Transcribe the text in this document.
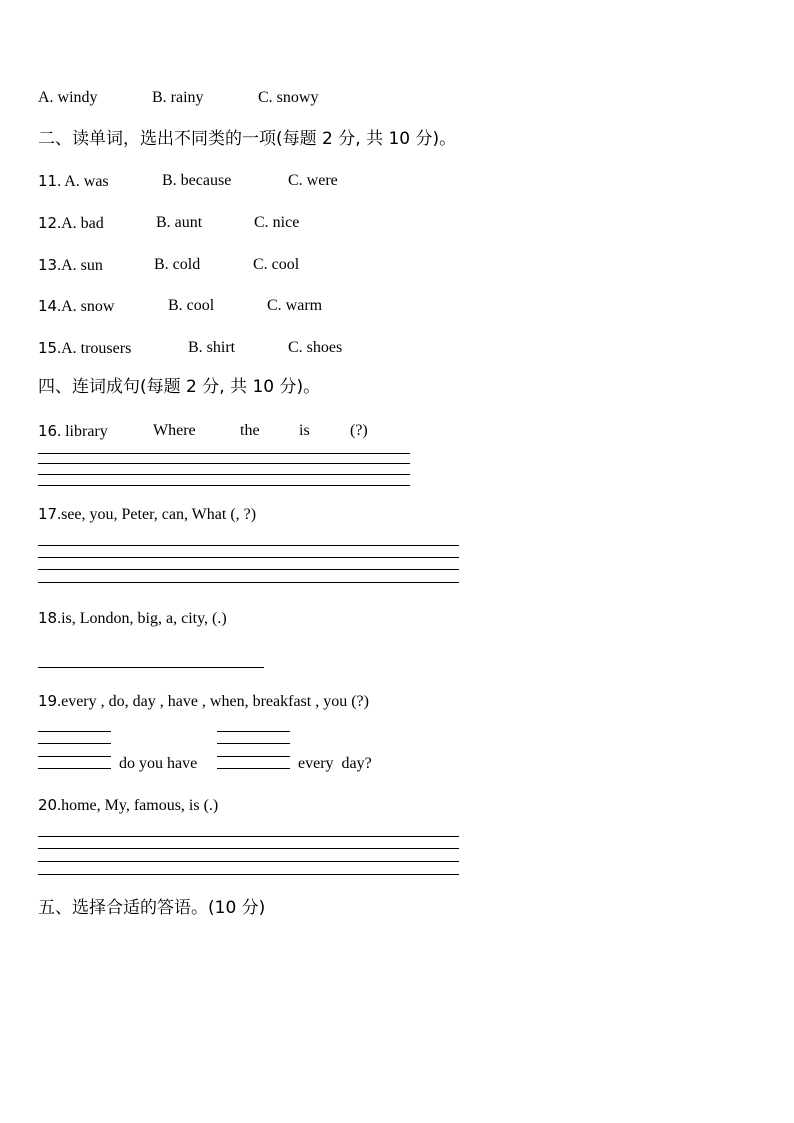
A. windy	B. rainy	C. snowy
二、读单词，选出不同类的一项(每题 2 分, 共 10 分)。
11. A. was	B. because	C. were
12.A. bad	B. aunt	C. nice
13.A. sun	B. cold	C. cool
14.A. snow	B. cool	C. warm
15.A. trousers	B. shirt	C. shoes
四、连词成句(每题 2 分, 共 10 分)。
16. library	Where	the is	(?)
17.see, you, Peter, can, What (, ?)
18.is, London, big, a, city, (.)
19.every , do, day , have , when, breakfast , you (?)
do you have	every  day?
20.home, My, famous, is (.)
五、选择合适的答语。(10 分)
